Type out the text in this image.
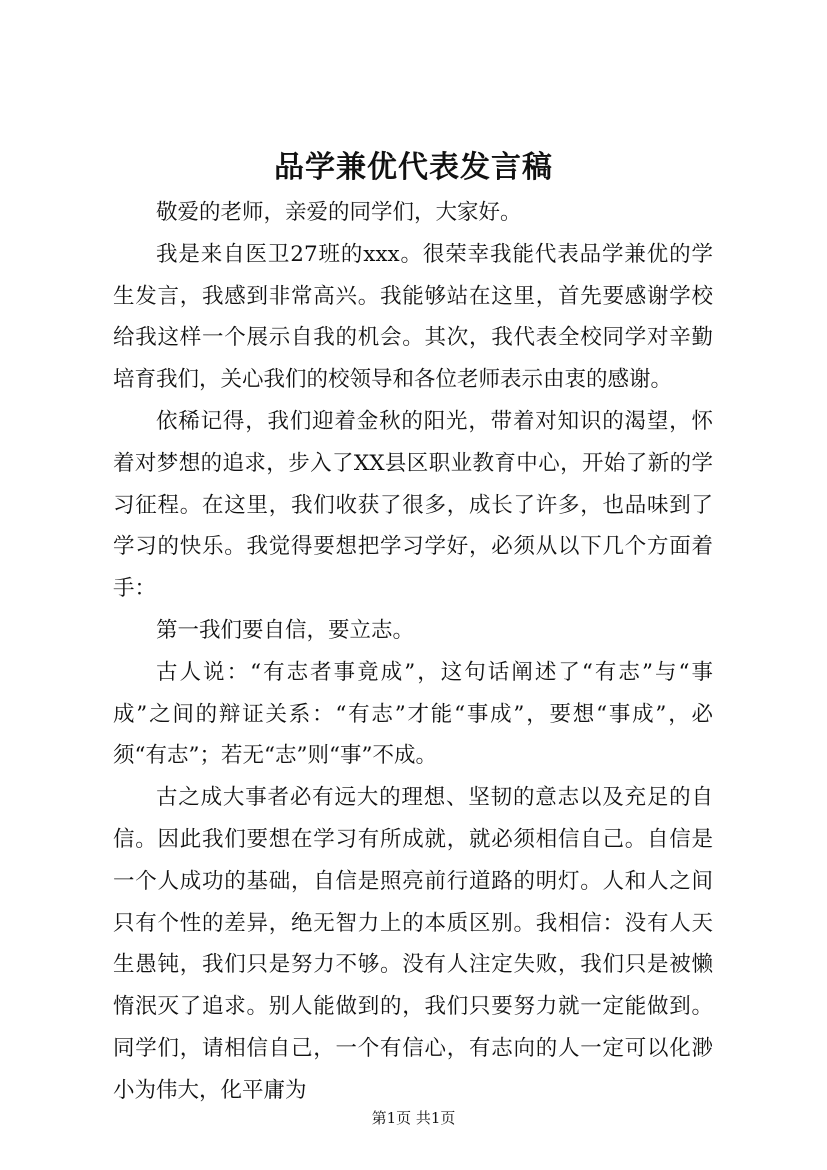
品学兼优代表发言稿

敬爱的老师，亲爱的同学们，大家好。

我是来自医卫27班的xxx。很荣幸我能代表品学兼优的学生发言，我感到非常高兴。我能够站在这里，首先要感谢学校给我这样一个展示自我的机会。其次，我代表全校同学对辛勤培育我们，关心我们的校领导和各位老师表示由衷的感谢。

依稀记得，我们迎着金秋的阳光，带着对知识的渴望，怀着对梦想的追求，步入了XX县区职业教育中心，开始了新的学习征程。在这里，我们收获了很多，成长了许多，也品味到了学习的快乐。我觉得要想把学习学好，必须从以下几个方面着手：

第一我们要自信，要立志。

古人说：“有志者事竟成”，这句话阐述了“有志”与“事成”之间的辩证关系：“有志”才能“事成”，要想“事成”，必须“有志”；若无“志”则“事”不成。

古之成大事者必有远大的理想、坚韧的意志以及充足的自信。因此我们要想在学习有所成就，就必须相信自己。自信是一个人成功的基础，自信是照亮前行道路的明灯。人和人之间只有个性的差异，绝无智力上的本质区别。我相信：没有人天生愚钝，我们只是努力不够。没有人注定失败，我们只是被懒惰泯灭了追求。别人能做到的，我们只要努力就一定能做到。同学们，请相信自己，一个有信心，有志向的人一定可以化渺小为伟大，化平庸为

第1页 共1页
